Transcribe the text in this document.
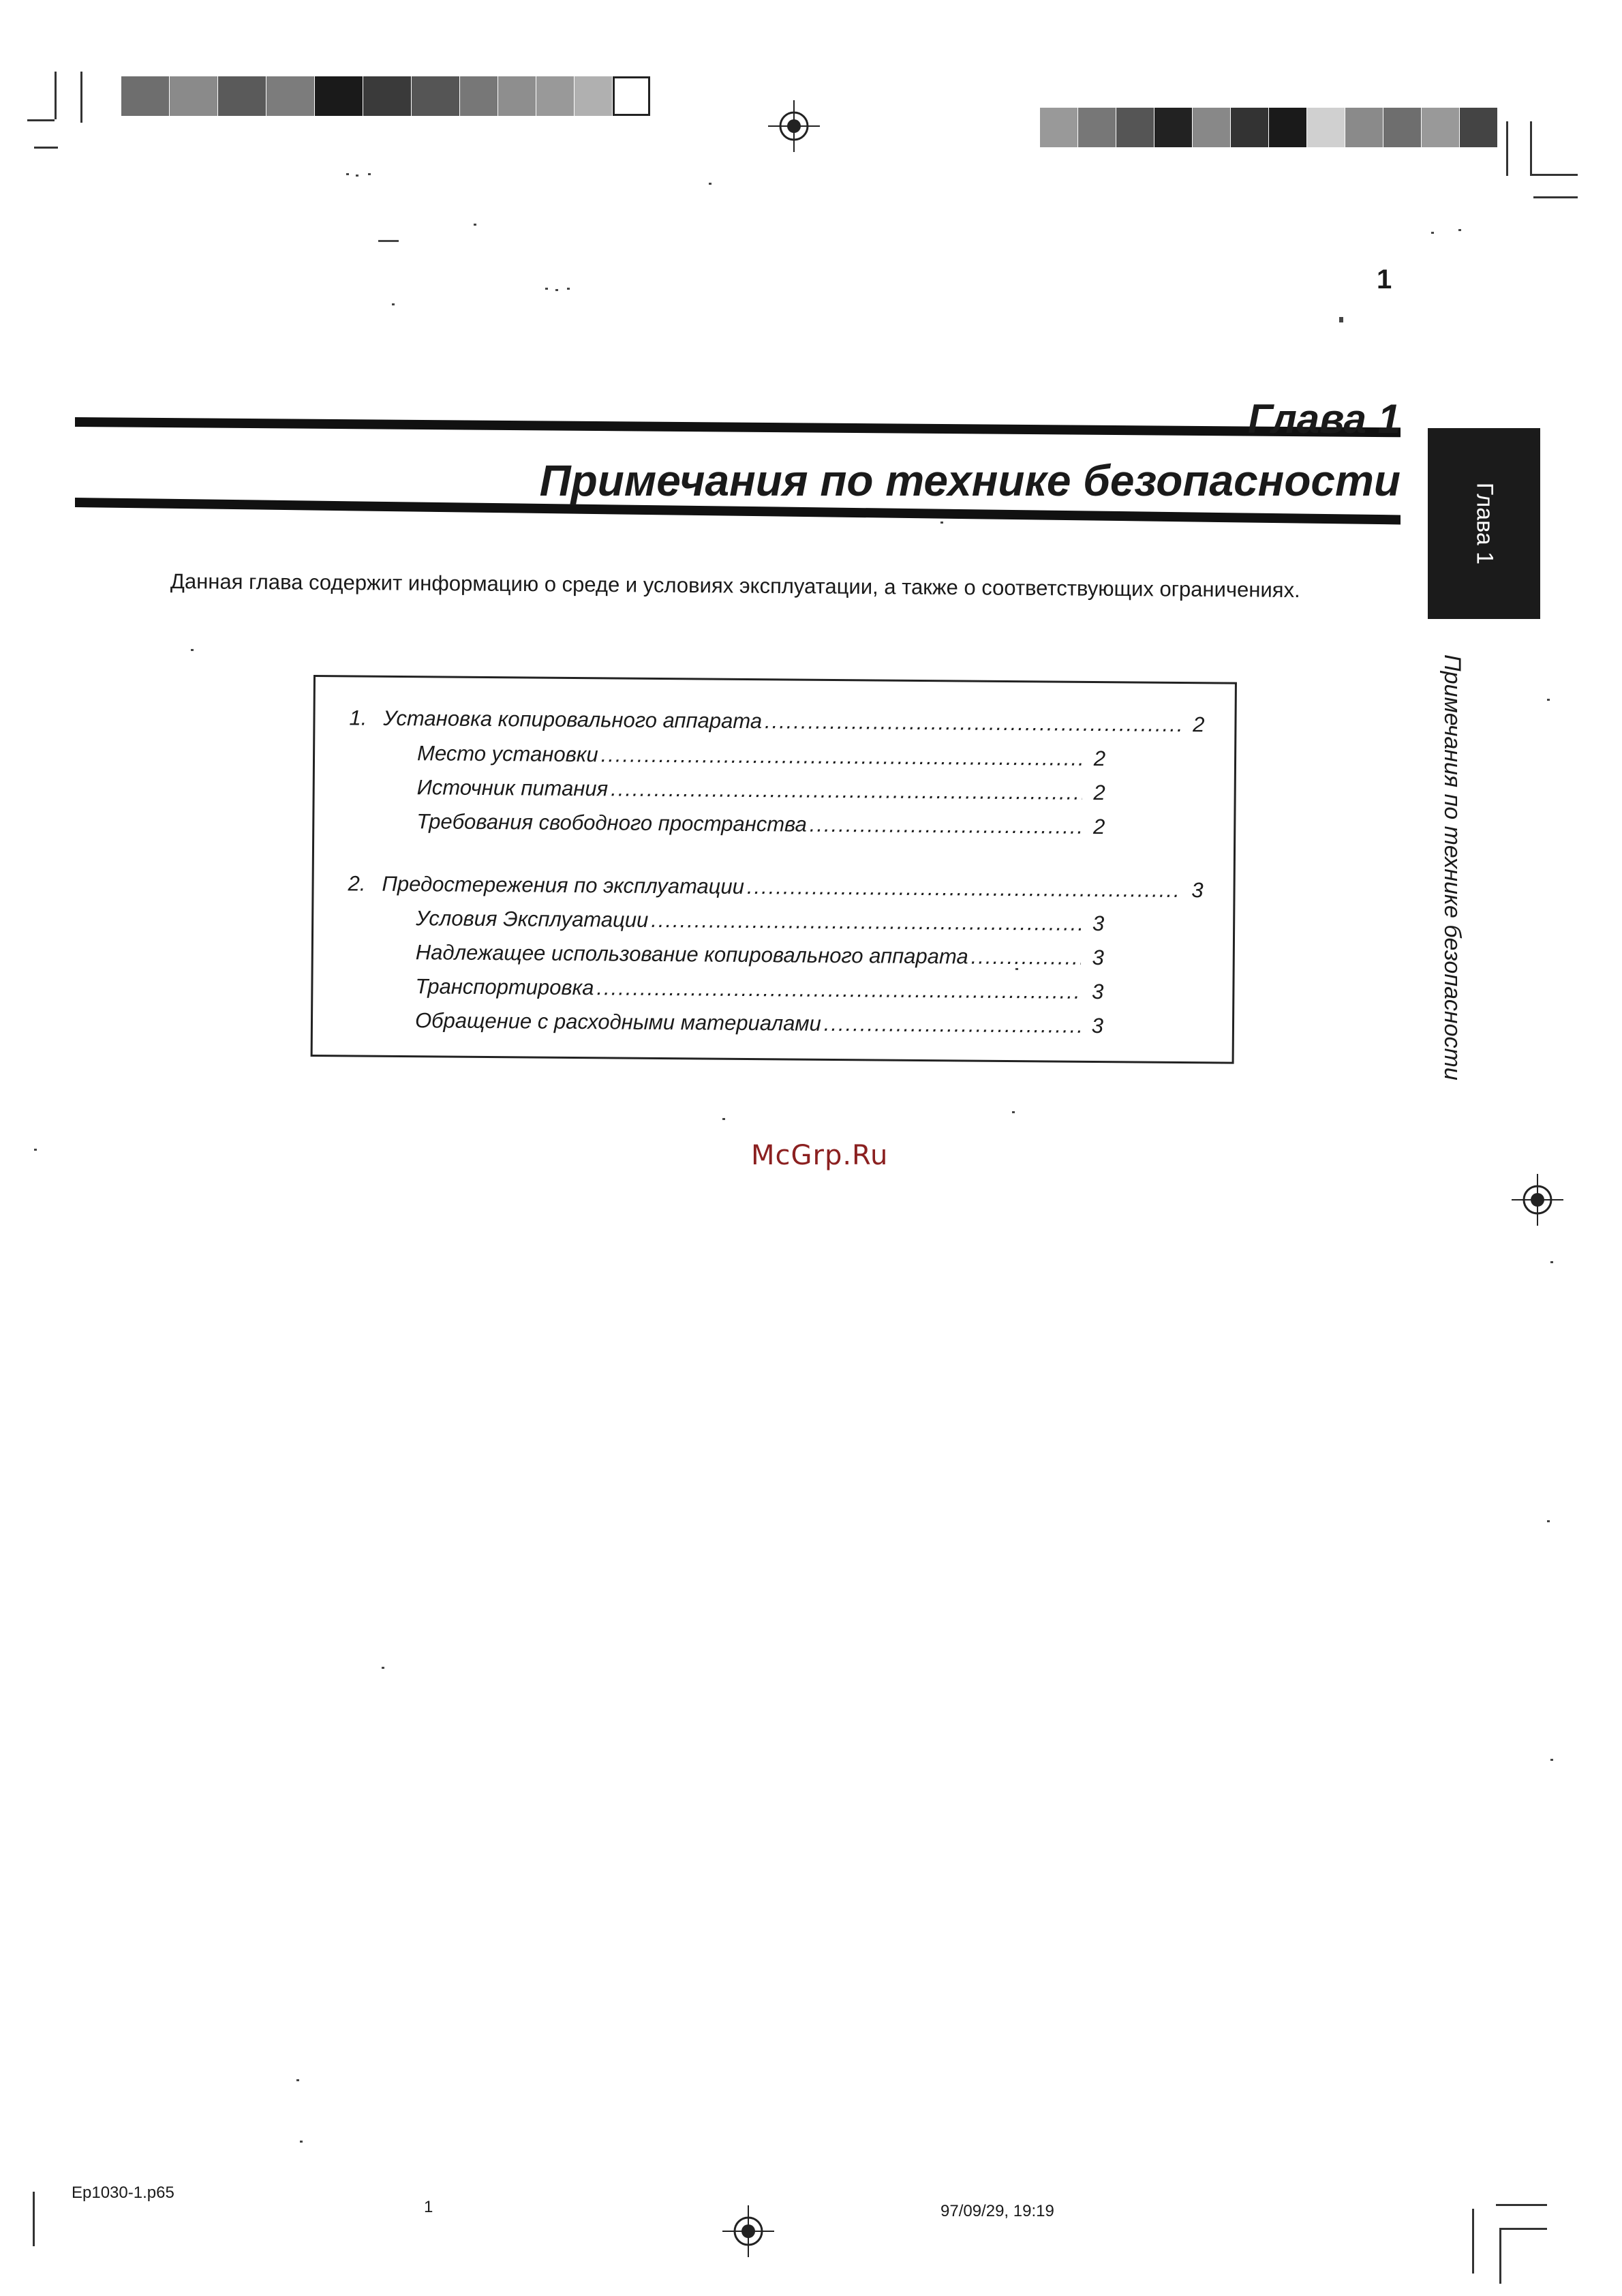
1
Глава 1
Примечания по технике безопасности
Глава 1
Примечания по технике безопасности
Данная глава содержит информацию о среде и условиях эксплуатации, а также о соответствующих ограничениях.
1. Установка копировального аппарата .....	2
Место установки .....	2
Источник питания .....	2
Требования свободного пространства .....	2
2. Предостережения по эксплуатации .....	3
Условия Эксплуатации .....	3
Надлежащее использование копировального аппарата .....	3
Транспортировка .....	3
Обращение с расходными материалами .....	3
McGrp.Ru
Ep1030-1.p65
1	97/09/29, 19:19
